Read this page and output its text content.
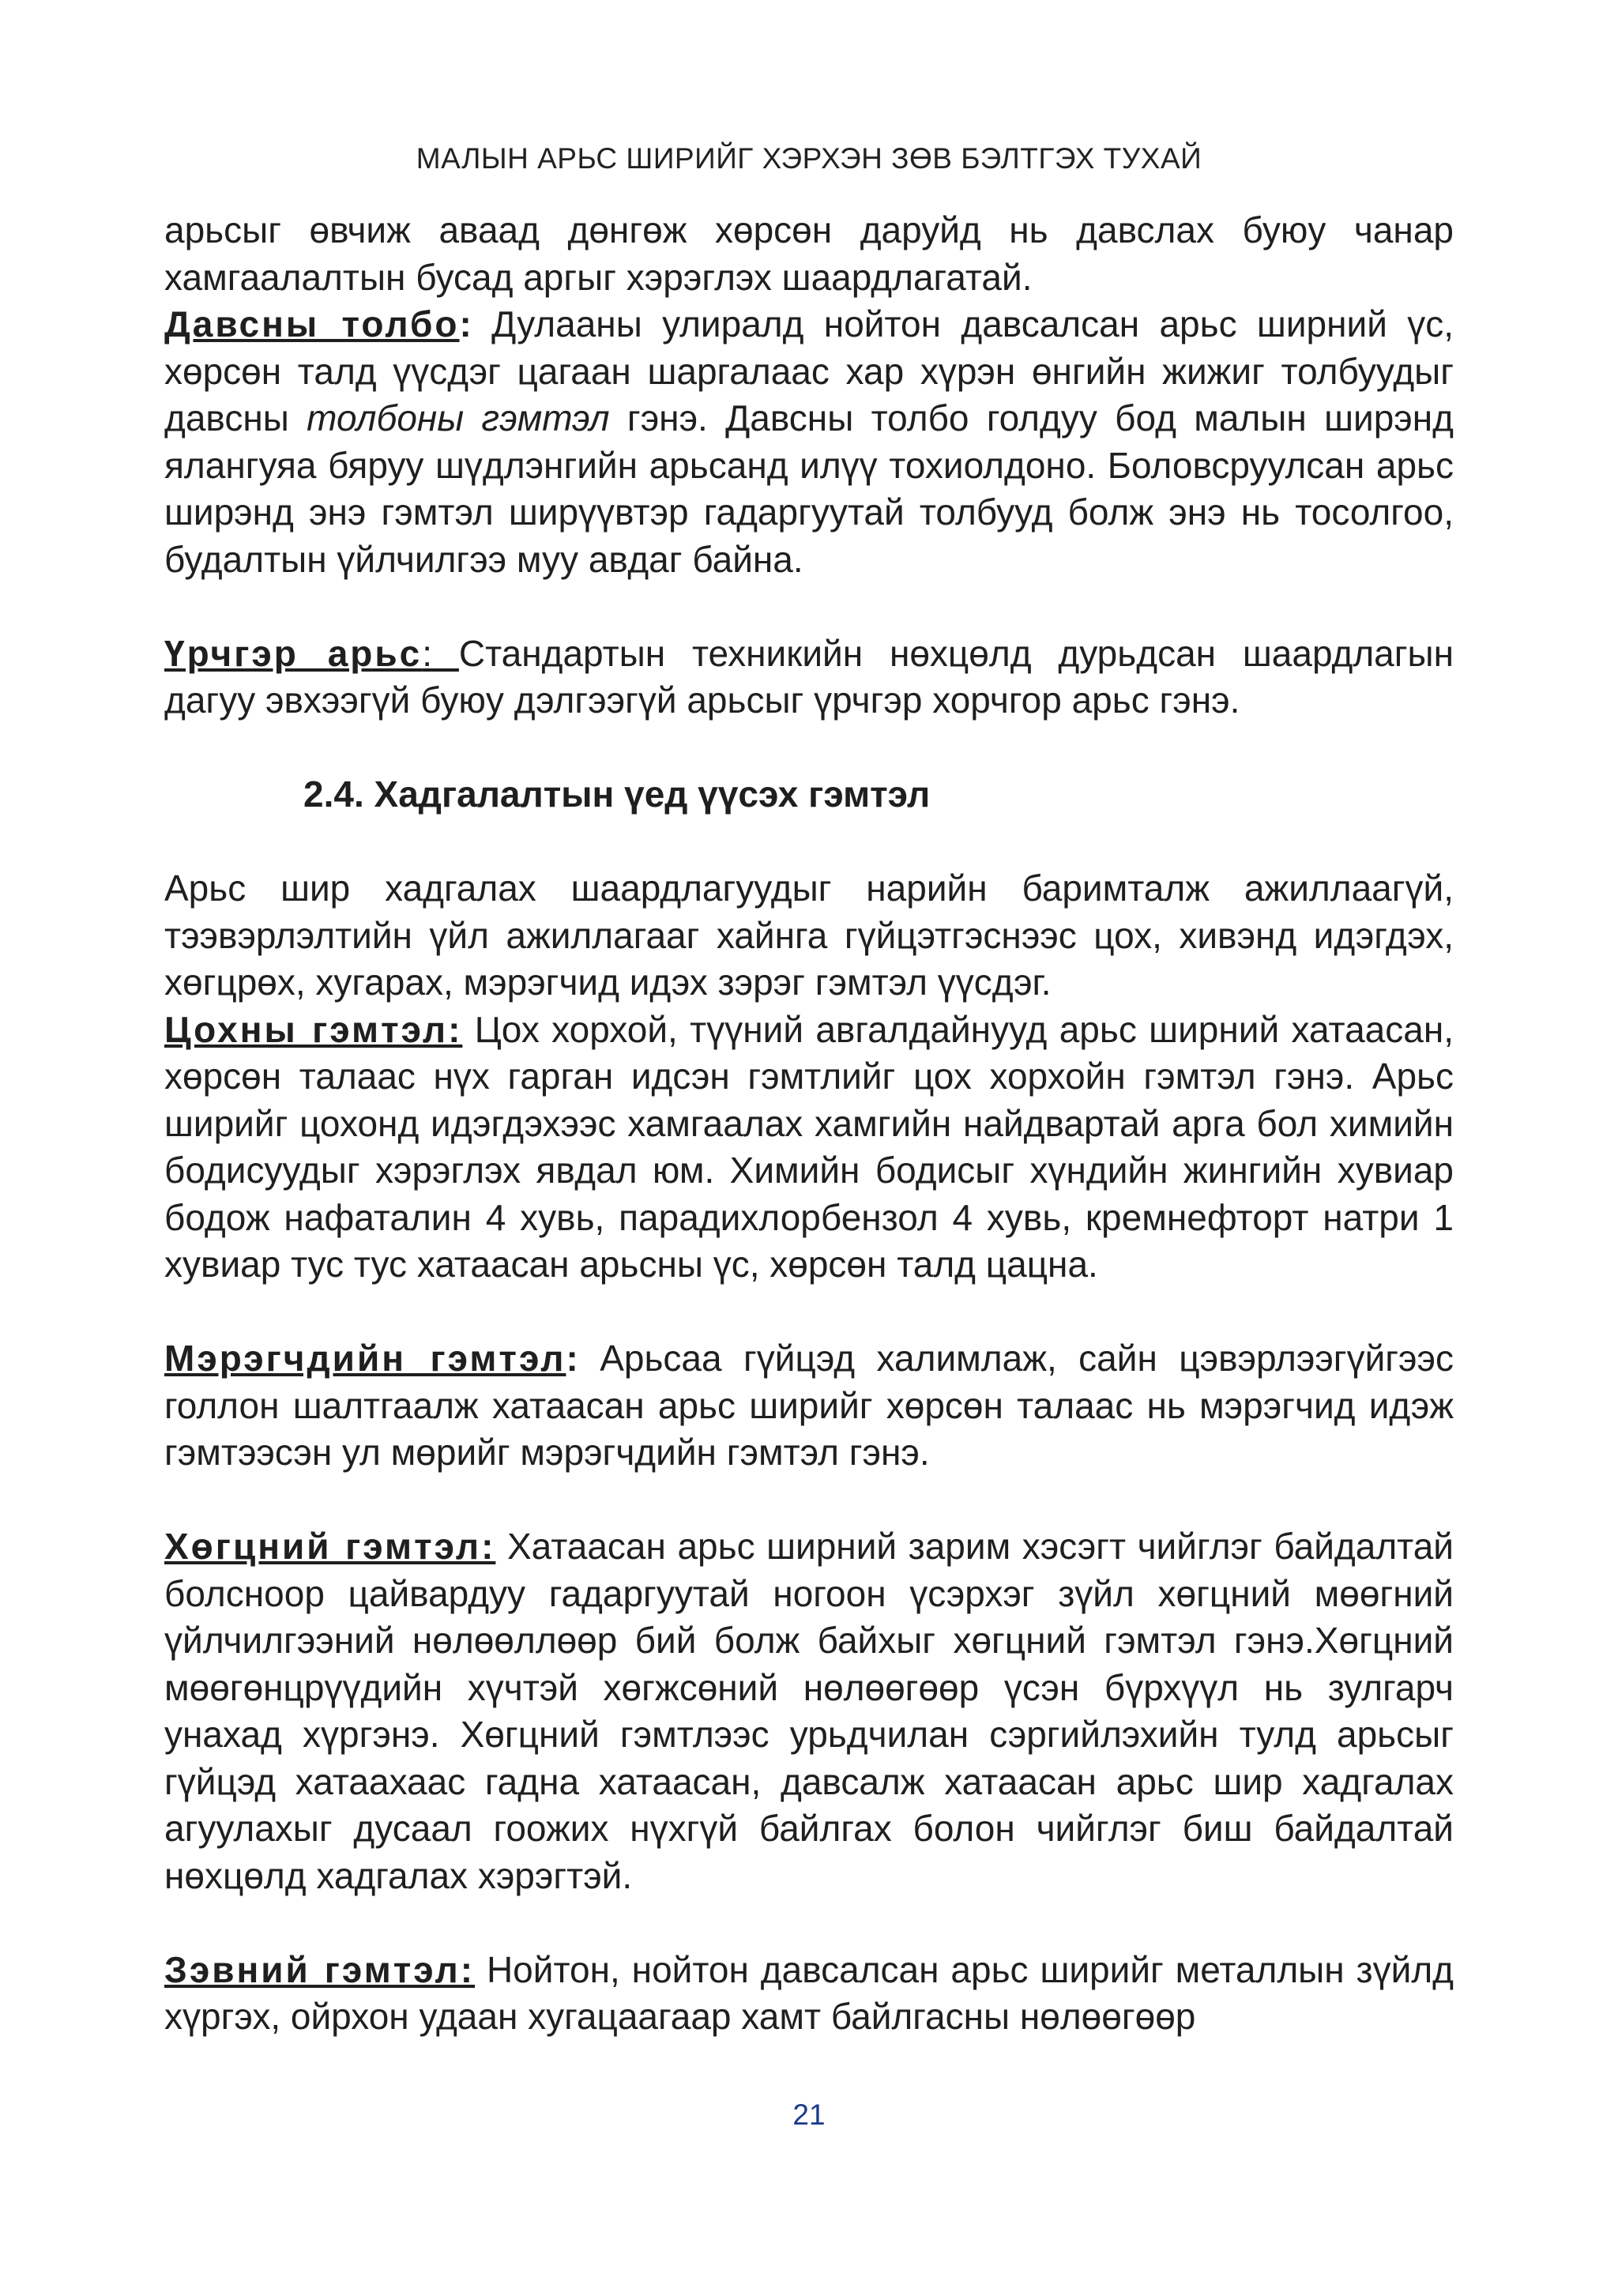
МАЛЫН АРЬС ШИРИЙГ ХЭРХЭН ЗӨВ БЭЛТГЭХ ТУХАЙ

арьсыг өвчиж аваад дөнгөж хөрсөн даруйд нь давслах буюу чанар хамгаалалтын бусад аргыг хэрэглэх шаардлагатай.

Давсны толбо: Дулааны улиралд нойтон давсалсан арьс ширний үс, хөрсөн талд үүсдэг цагаан шаргалаас хар хүрэн өнгийн жижиг толбуудыг давсны толбоны гэмтэл гэнэ. Давсны толбо голдуу бод малын ширэнд ялангуяа бяруу шүдлэнгийн арьсанд илүү тохиолдоно. Боловсруулсан арьс ширэнд энэ гэмтэл ширүүвтэр гадаргуутай толбууд болж энэ нь тосолгоо, будалтын үйлчилгээ муу авдаг байна.

Үрчгэр арьс: Стандартын техникийн нөхцөлд дурьдсан шаардлагын дагуу эвхээгүй буюу дэлгээгүй арьсыг үрчгэр хорчгор арьс гэнэ.

2.4. Хадгалалтын үед үүсэх гэмтэл

Арьс шир хадгалах шаардлагуудыг нарийн баримталж ажиллаагүй, тээвэрлэлтийн үйл ажиллагааг хайнга гүйцэтгэснээс цох, хивэнд идэгдэх, хөгцрөх, хугарах, мэрэгчид идэх зэрэг гэмтэл үүсдэг.

Цохны гэмтэл: Цох хорхой, түүний авгалдайнууд арьс ширний хатаасан, хөрсөн талаас нүх гарган идсэн гэмтлийг цох хорхойн гэмтэл гэнэ. Арьс ширийг цохонд идэгдэхээс хамгаалах хамгийн найдвартай арга бол химийн бодисуудыг хэрэглэх явдал юм. Химийн бодисыг хүндийн жингийн хувиар бодож нафаталин 4 хувь, парадихлорбензол 4 хувь, кремнефторт натри 1 хувиар тус тус хатаасан арьсны үс, хөрсөн талд цацна.

Мэрэгчдийн гэмтэл: Арьсаа гүйцэд халимлаж, сайн цэвэрлээгүйгээс голлон шалтгаалж хатаасан арьс ширийг хөрсөн талаас нь мэрэгчид идэж гэмтээсэн ул мөрийг мэрэгчдийн гэмтэл гэнэ.

Хөгцний гэмтэл: Хатаасан арьс ширний зарим хэсэгт чийглэг байдалтай болсноор цайвардуу гадаргуутай ногоон үсэрхэг зүйл хөгцний мөөгний үйлчилгээний нөлөөллөөр бий болж байхыг хөгцний гэмтэл гэнэ.Хөгцний мөөгөнцрүүдийн хүчтэй хөгжсөний нөлөөгөөр үсэн бүрхүүл нь зулгарч унахад хүргэнэ. Хөгцний гэмтлээс урьдчилан сэргийлэхийн тулд арьсыг гүйцэд хатаахаас гадна хатаасан, давсалж хатаасан арьс шир хадгалах агуулахыг дусаал гоожих нүхгүй байлгах болон чийглэг биш байдалтай нөхцөлд хадгалах хэрэгтэй.

Зэвний гэмтэл: Нойтон, нойтон давсалсан арьс ширийг металлын зүйлд хүргэх, ойрхон удаан хугацаагаар хамт байлгасны нөлөөгөөр

21
